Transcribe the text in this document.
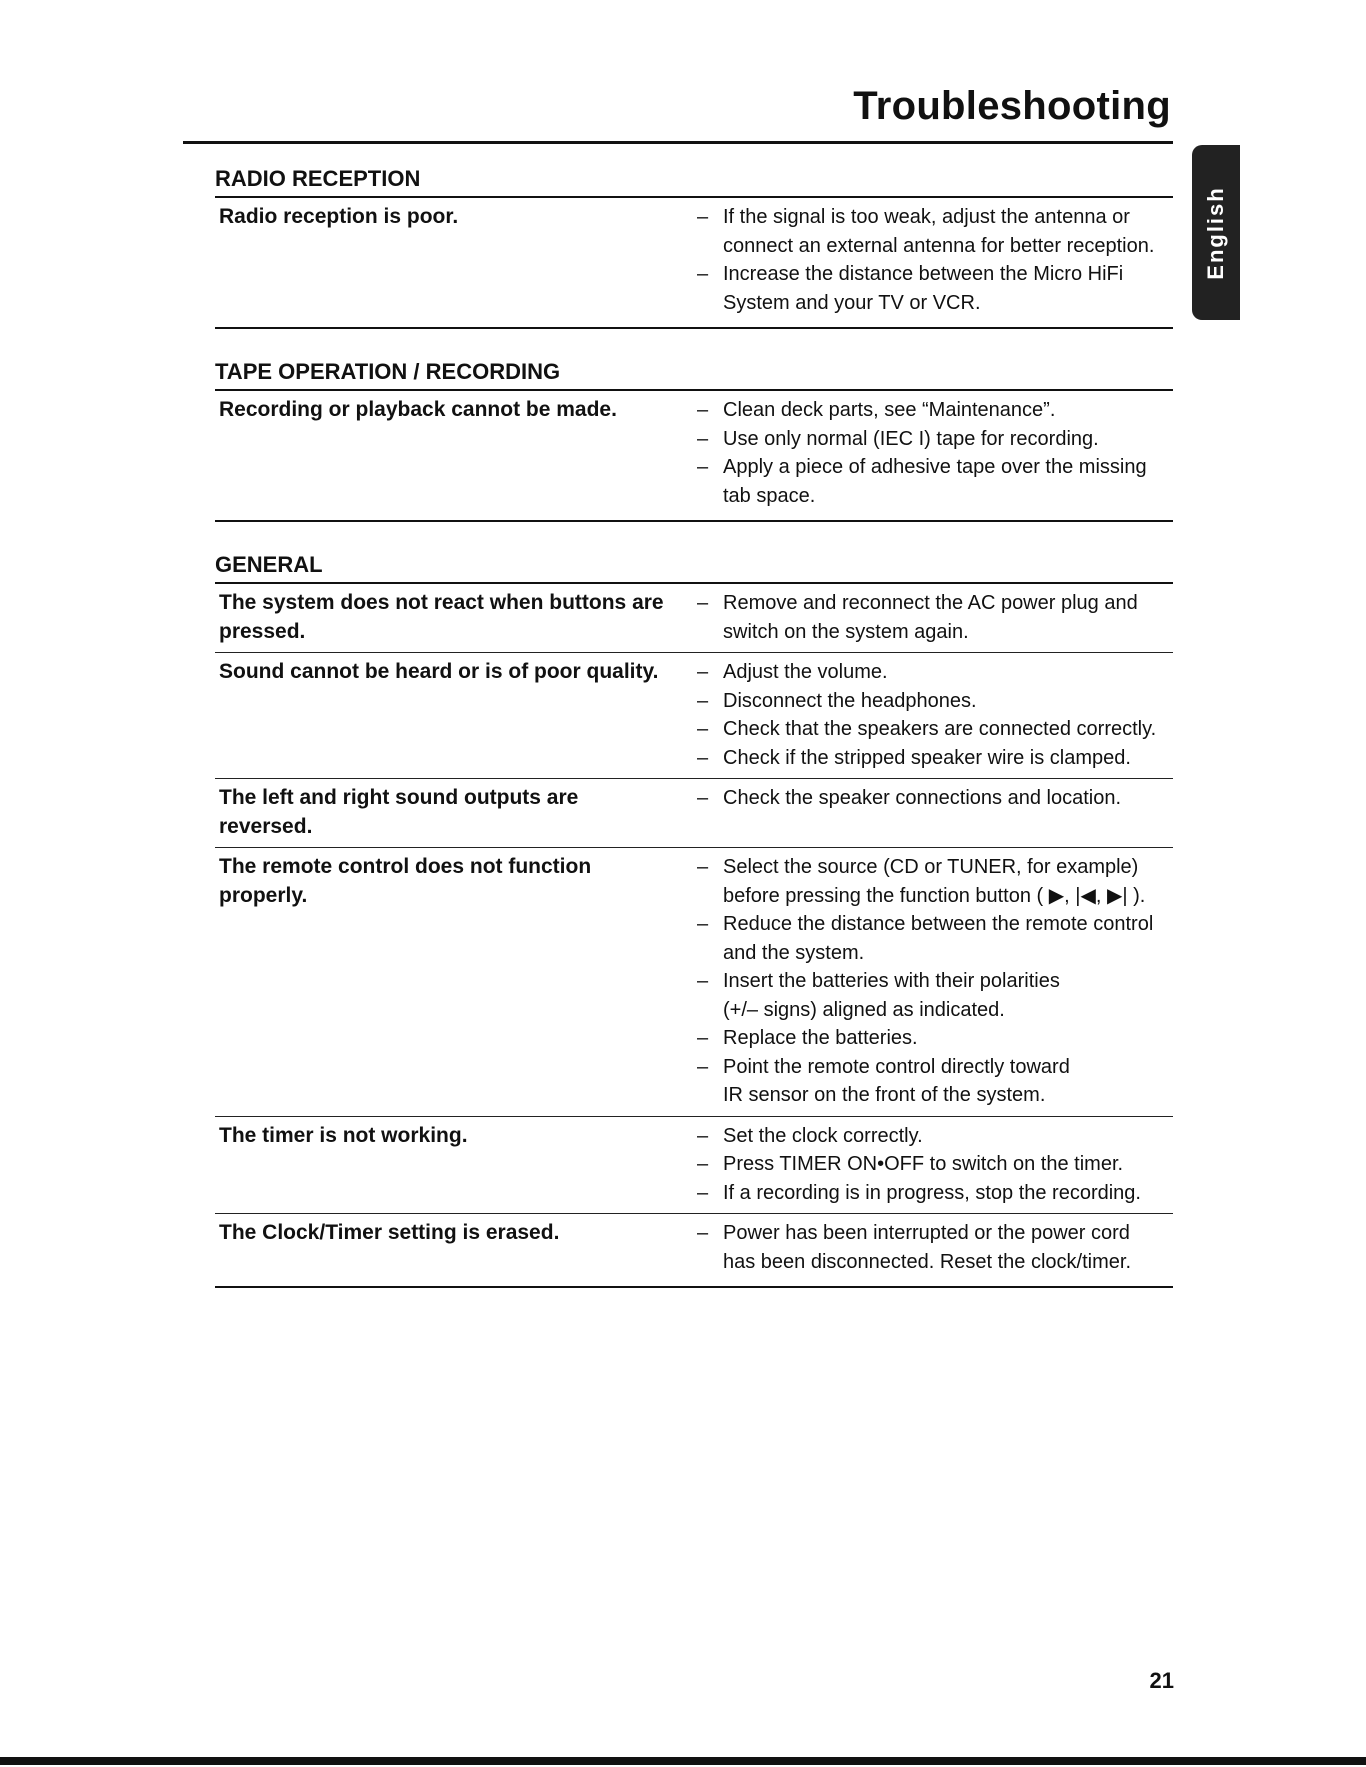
Troubleshooting
English
RADIO RECEPTION
Radio reception is poor.	– If the signal is too weak, adjust the antenna or
connect an external antenna for better reception.
– Increase the distance between the Micro HiFi
System and your TV or VCR.
TAPE OPERATION / RECORDING
Recording or playback cannot be made.	– Clean deck parts, see “Maintenance”.
– Use only normal (IEC I) tape for recording.
– Apply a piece of adhesive tape over the missing
tab space.
GENERAL
The system does not react when buttons are pressed.
– Remove and reconnect the AC power plug and
switch on the system again.
Sound cannot be heard or is of poor quality.	– Adjust the volume.
– Disconnect the headphones.
– Check that the speakers are connected correctly.
– Check if the stripped speaker wire is clamped.
The left and right sound outputs are reversed.
– Check the speaker connections and location.
The remote control does not function properly.
– Select the source (CD or TUNER, for example)
before pressing the function button ( ▶, |◀, ▶| ).
– Reduce the distance between the remote control
and the system.
– Insert the batteries with their polarities
(+/– signs) aligned as indicated.
– Replace the batteries.
– Point the remote control directly toward
IR sensor on the front of the system.
The timer is not working.	– Set the clock correctly.
– Press TIMER ON•OFF to switch on the timer.
– If a recording is in progress, stop the recording.
The Clock/Timer setting is erased.	– Power has been interrupted or the power cord
has been disconnected. Reset the clock/timer.
21
